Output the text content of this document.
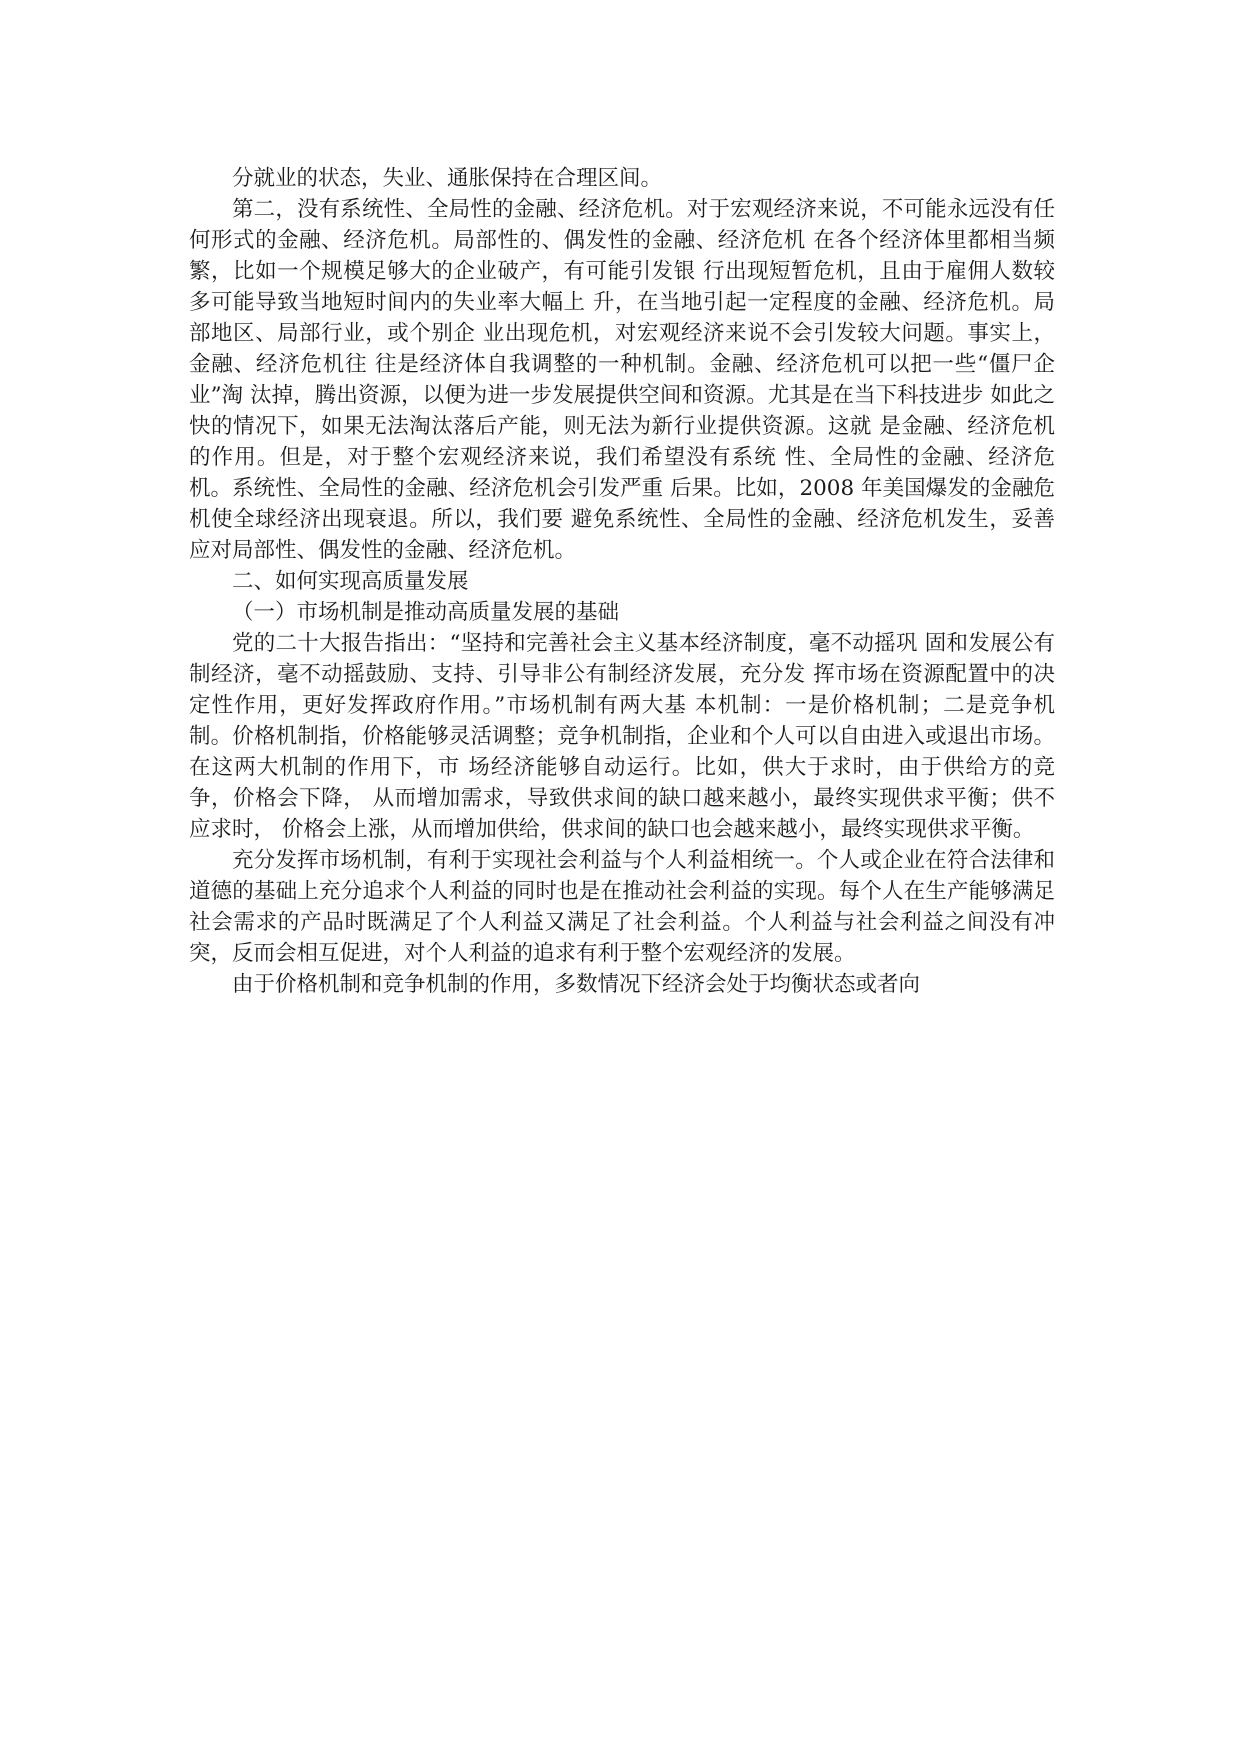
分就业的状态，失业、通胀保持在合理区间。

第二，没有系统性、全局性的金融、经济危机。对于宏观经济来说，不可能永远没有任何形式的金融、经济危机。局部性的、偶发性的金融、经济危机 在各个经济体里都相当频繁，比如一个规模足够大的企业破产，有可能引发银 行出现短暂危机，且由于雇佣人数较多可能导致当地短时间内的失业率大幅上 升，在当地引起一定程度的金融、经济危机。局部地区、局部行业，或个别企 业出现危机，对宏观经济来说不会引发较大问题。事实上，金融、经济危机往 往是经济体自我调整的一种机制。金融、经济危机可以把一些“僵尸企业”淘 汰掉，腾出资源，以便为进一步发展提供空间和资源。尤其是在当下科技进步 如此之快的情况下，如果无法淘汰落后产能，则无法为新行业提供资源。这就 是金融、经济危机的作用。但是，对于整个宏观经济来说，我们希望没有系统 性、全局性的金融、经济危机。系统性、全局性的金融、经济危机会引发严重 后果。比如，2008 年美国爆发的金融危机使全球经济出现衰退。所以，我们要 避免系统性、全局性的金融、经济危机发生，妥善应对局部性、偶发性的金融、经济危机。

二、如何实现高质量发展

（一）市场机制是推动高质量发展的基础

党的二十大报告指出：“坚持和完善社会主义基本经济制度，毫不动摇巩 固和发展公有制经济，毫不动摇鼓励、支持、引导非公有制经济发展，充分发 挥市场在资源配置中的决定性作用，更好发挥政府作用。”市场机制有两大基 本机制：一是价格机制；二是竞争机制。价格机制指，价格能够灵活调整；竞争机制指，企业和个人可以自由进入或退出市场。在这两大机制的作用下，市 场经济能够自动运行。比如，供大于求时，由于供给方的竞争，价格会下降， 从而增加需求，导致供求间的缺口越来越小，最终实现供求平衡；供不应求时， 价格会上涨，从而增加供给，供求间的缺口也会越来越小，最终实现供求平衡。

充分发挥市场机制，有利于实现社会利益与个人利益相统一。个人或企业在符合法律和道德的基础上充分追求个人利益的同时也是在推动社会利益的实现。每个人在生产能够满足社会需求的产品时既满足了个人利益又满足了社会利益。个人利益与社会利益之间没有冲突，反而会相互促进，对个人利益的追求有利于整个宏观经济的发展。

由于价格机制和竞争机制的作用，多数情况下经济会处于均衡状态或者向
